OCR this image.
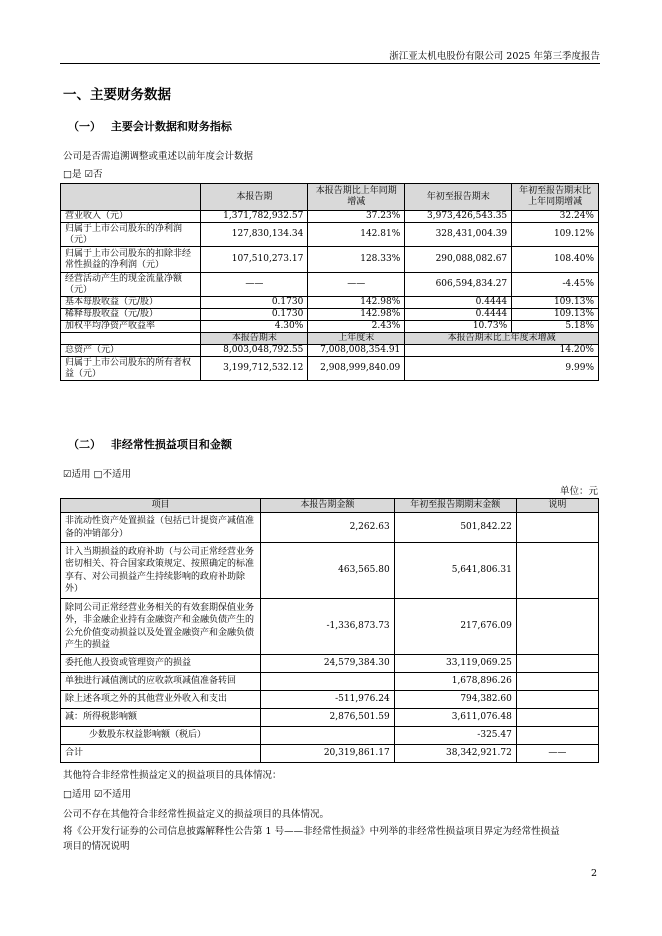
浙江亚太机电股份有限公司 2025 年第三季度报告
一、主要财务数据
（一） 主要会计数据和财务指标
公司是否需追溯调整或重述以前年度会计数据
□是 ☑否
	本报告期	本报告期比上年同期增减	年初至报告期末	年初至报告期末比上年同期增减
营业收入（元）	1,371,782,932.57	37.23%	3,973,426,543.35	32.24%
归属于上市公司股东的净利润（元）	127,830,134.34	142.81%	328,431,004.39	109.12%
归属于上市公司股东的扣除非经常性损益的净利润（元）	107,510,273.17	128.33%	290,088,082.67	108.40%
经营活动产生的现金流量净额（元）	——	——	606,594,834.27	-4.45%
基本每股收益（元/股）	0.1730	142.98%	0.4444	109.13%
稀释每股收益（元/股）	0.1730	142.98%	0.4444	109.13%
加权平均净资产收益率	4.30%	2.43%	10.73%	5.18%
	本报告期末	上年度末	本报告期末比上年度末增减	
总资产（元）	8,003,048,792.55	7,008,008,354.91	14.20%	
归属于上市公司股东的所有者权益（元）	3,199,712,532.12	2,908,999,840.09	9.99%	
（二） 非经常性损益项目和金额
☑适用 □不适用
单位：元
项目	本报告期金额	年初至报告期期末金额	说明
非流动性资产处置损益（包括已计提资产减值准备的冲销部分）	2,262.63	501,842.22	
计入当期损益的政府补助（与公司正常经营业务密切相关、符合国家政策规定、按照确定的标准享有、对公司损益产生持续影响的政府补助除外）	463,565.80	5,641,806.31	
除同公司正常经营业务相关的有效套期保值业务外，非金融企业持有金融资产和金融负债产生的公允价值变动损益以及处置金融资产和金融负债产生的损益	-1,336,873.73	217,676.09	
委托他人投资或管理资产的损益	24,579,384.30	33,119,069.25	
单独进行减值测试的应收款项减值准备转回		1,678,896.26	
除上述各项之外的其他营业外收入和支出	-511,976.24	794,382.60	
减：所得税影响额	2,876,501.59	3,611,076.48	
少数股东权益影响额（税后）		-325.47	
合计	20,319,861.17	38,342,921.72	——
其他符合非经常性损益定义的损益项目的具体情况：
□适用 ☑不适用
公司不存在其他符合非经常性损益定义的损益项目的具体情况。
将《公开发行证券的公司信息披露解释性公告第 1 号——非经常性损益》中列举的非经常性损益项目界定为经常性损益
项目的情况说明
2
